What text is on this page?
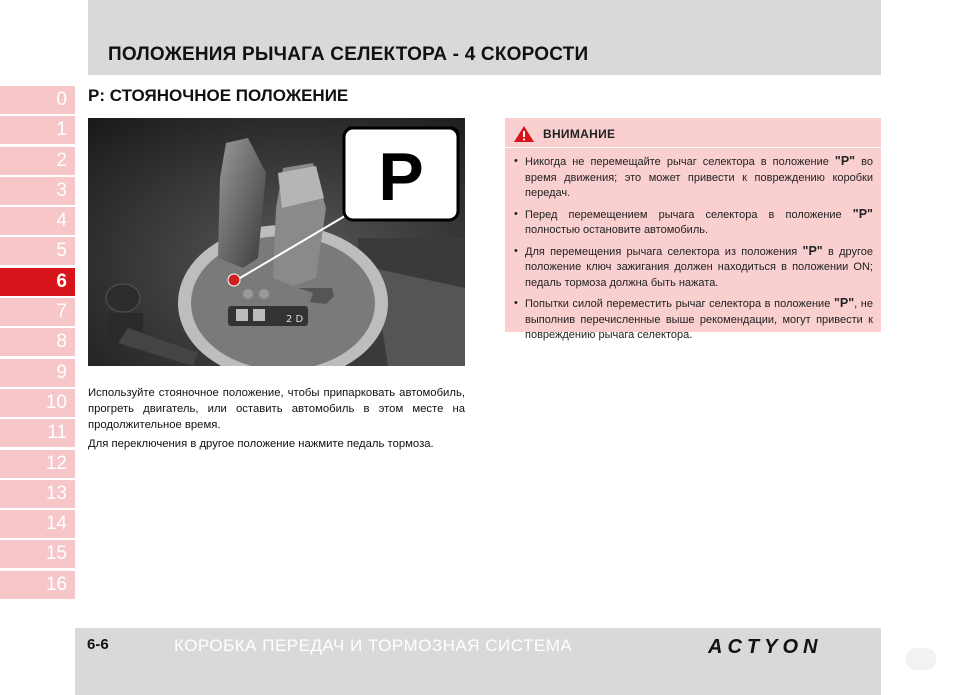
ПОЛОЖЕНИЯ РЫЧАГА СЕЛЕКТОРА - 4 СКОРОСТИ
0
1
2
3
4
5
6
7
8
9
10
11
12
13
14
15
16
P: СТОЯНОЧНОЕ ПОЛОЖЕНИЕ
2 D
P

Используйте стояночное положение, чтобы припарковать автомобиль, прогреть двигатель, или оставить автомобиль в этом месте на продолжительное время.

Для переключения в другое положение нажмите педаль тормоза.

ВНИМАНИЕ
• Никогда не перемещайте рычаг селектора в положение "P" во время движения; это может привести к повреждению коробки передач.
• Перед перемещением рычага селектора в положение "P" полностью остановите автомобиль.
• Для перемещения рычага селектора из положения "P" в другое положение ключ зажигания должен находиться в положении ON; педаль тормоза должна быть нажата.
• Попытки силой переместить рычаг селектора в положение "P", не выполнив перечисленные выше рекомендации, могут привести к повреждению рычага селектора.
6-6	КОРОБКА ПЕРЕДАЧ И ТОРМОЗНАЯ СИСТЕМА	ACTYON
